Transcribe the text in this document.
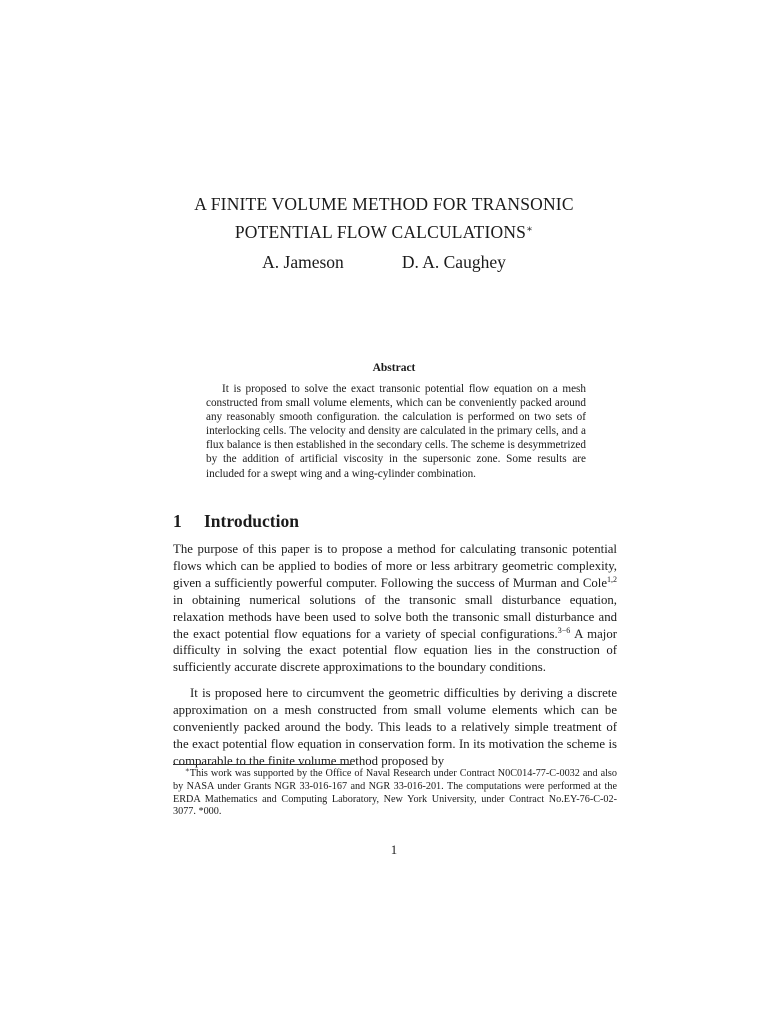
A FINITE VOLUME METHOD FOR TRANSONIC
POTENTIAL FLOW CALCULATIONS∗
A. Jameson	D. A. Caughey
Abstract

It is proposed to solve the exact transonic potential flow equation on a mesh constructed from small volume elements, which can be conveniently packed around any reasonably smooth configuration. the calculation is performed on two sets of interlocking cells. The velocity and density are calculated in the primary cells, and a flux balance is then established in the secondary cells. The scheme is desymmetrized by the addition of artificial viscosity in the supersonic zone. Some results are included for a swept wing and a wing-cylinder combination.

1 Introduction

The purpose of this paper is to propose a method for calculating transonic potential flows which can be applied to bodies of more or less arbitrary geometric complexity, given a sufficiently powerful computer. Following the success of Murman and Cole$^{1,2}$ in obtaining numerical solutions of the transonic small disturbance equation, relaxation methods have been used to solve both the transonic small disturbance and the exact potential flow equations for a variety of special configurations.$^{3-6}$ A major difficulty in solving the exact potential flow equation lies in the construction of sufficiently accurate discrete approximations to the boundary conditions.

It is proposed here to circumvent the geometric difficulties by deriving a discrete approximation on a mesh constructed from small volume elements which can be conveniently packed around the body. This leads to a relatively simple treatment of the exact potential flow equation in conservation form. In its motivation the scheme is comparable to the finite volume method proposed by

∗This work was supported by the Office of Naval Research under Contract N0C014-77-C-0032 and also by NASA under Grants NGR 33-016-167 and NGR 33-016-201. The computations were performed at the ERDA Mathematics and Computing Laboratory, New York University, under Contract No.EY-76-C-02-3077. *000.

1
